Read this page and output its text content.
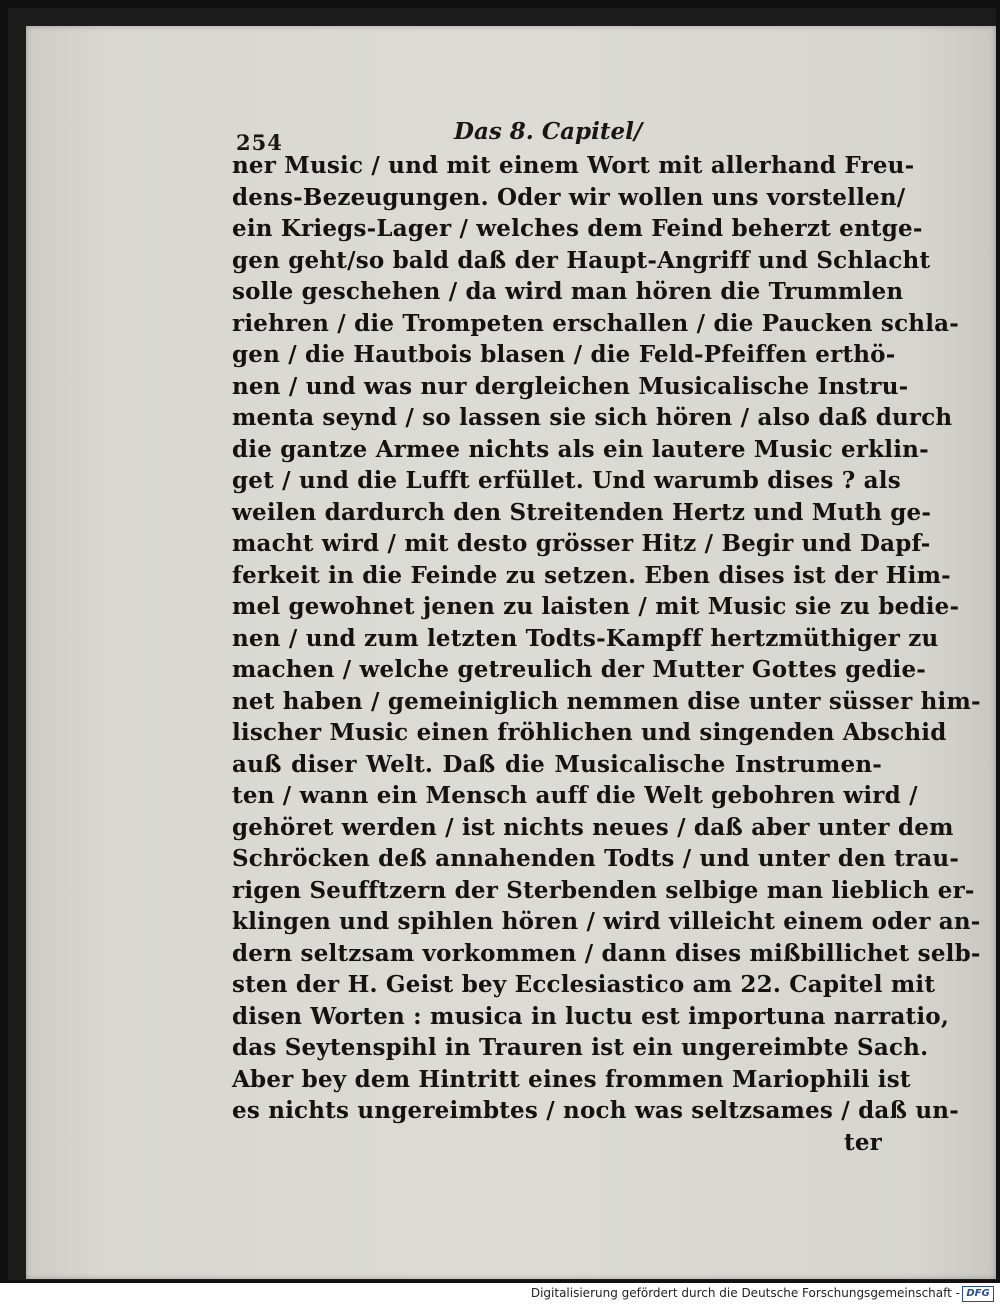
254	Das 8. Capitel/
ner Music / und mit einem Wort mit allerhand Freu-
dens-Bezeugungen. Oder wir wollen uns vorstellen/
ein Kriegs-Lager / welches dem Feind beherzt entge-
gen geht/so bald daß der Haupt-Angriff und Schlacht
solle geschehen / da wird man hören die Trummlen
riehren / die Trompeten erschallen / die Paucken schla-
gen / die Hautbois blasen / die Feld-Pfeiffen erthö-
nen / und was nur dergleichen Musicalische Instru-
menta seynd / so lassen sie sich hören / also daß durch
die gantze Armee nichts als ein lautere Music erklin-
get / und die Lufft erfüllet. Und warumb dises ? als
weilen dardurch den Streitenden Hertz und Muth ge-
macht wird / mit desto grösser Hitz / Begir und Dapf-
ferkeit in die Feinde zu setzen. Eben dises ist der Him-
mel gewohnet jenen zu laisten / mit Music sie zu bedie-
nen / und zum letzten Todts-Kampff hertzmüthiger zu
machen / welche getreulich der Mutter Gottes gedie-
net haben / gemeiniglich nemmen dise unter süsser him-
lischer Music einen fröhlichen und singenden Abschid
auß diser Welt. Daß die Musicalische Instrumen-
ten / wann ein Mensch auff die Welt gebohren wird /
gehöret werden / ist nichts neues / daß aber unter dem
Schröcken deß annahenden Todts / und unter den trau-
rigen Seufftzern der Sterbenden selbige man lieblich er-
klingen und spihlen hören / wird villeicht einem oder an-
dern seltzsam vorkommen / dann dises mißbillichet selb-
sten der H. Geist bey Ecclesiastico am 22. Capitel mit
disen Worten : musica in luctu est importuna narratio,
das Seytenspihl in Trauren ist ein ungereimbte Sach.
Aber bey dem Hintritt eines frommen Mariophili ist
es nichts ungereimbtes / noch was seltzsames / daß un-
ter
Digitalisierung gefördert durch die Deutsche Forschungsgemeinschaft - DFG
